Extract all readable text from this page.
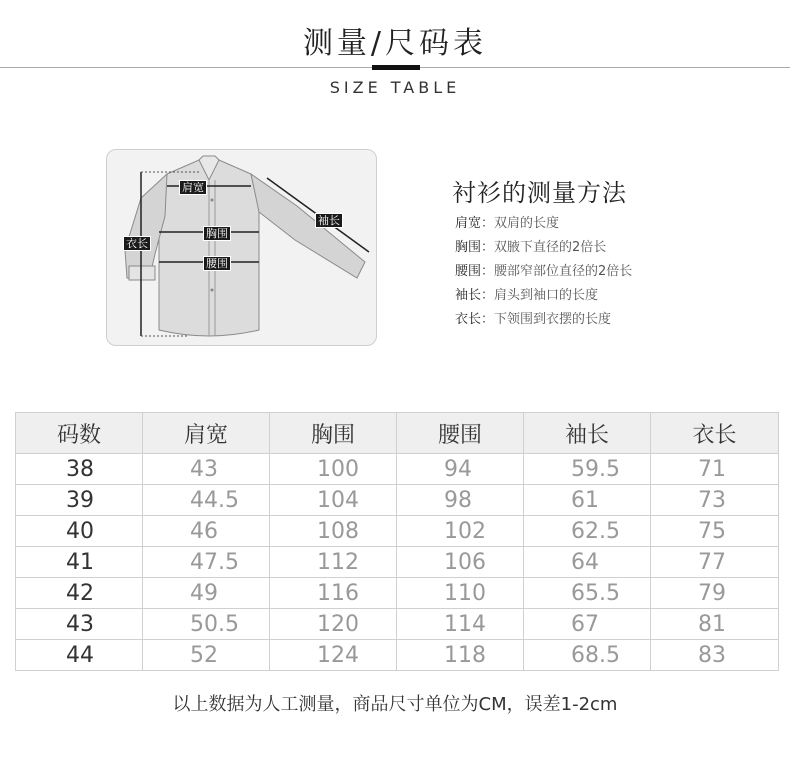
测量/尺码表
SIZE TABLE
肩宽
胸围
腰围
衣长
袖长
衬衫的测量方法
肩宽：双肩的长度
胸围：双腋下直径的2倍长
腰围：腰部窄部位直径的2倍长
袖长：肩头到袖口的长度
衣长：下领围到衣摆的长度
码数	肩宽	胸围	腰围	袖长	衣长
38	43	100	94	59.5	71
39	44.5	104	98	61	73
40	46	108	102	62.5	75
41	47.5	112	106	64	77
42	49	116	110	65.5	79
43	50.5	120	114	67	81
44	52	124	118	68.5	83
以上数据为人工测量，商品尺寸单位为CM，误差1-2cm
